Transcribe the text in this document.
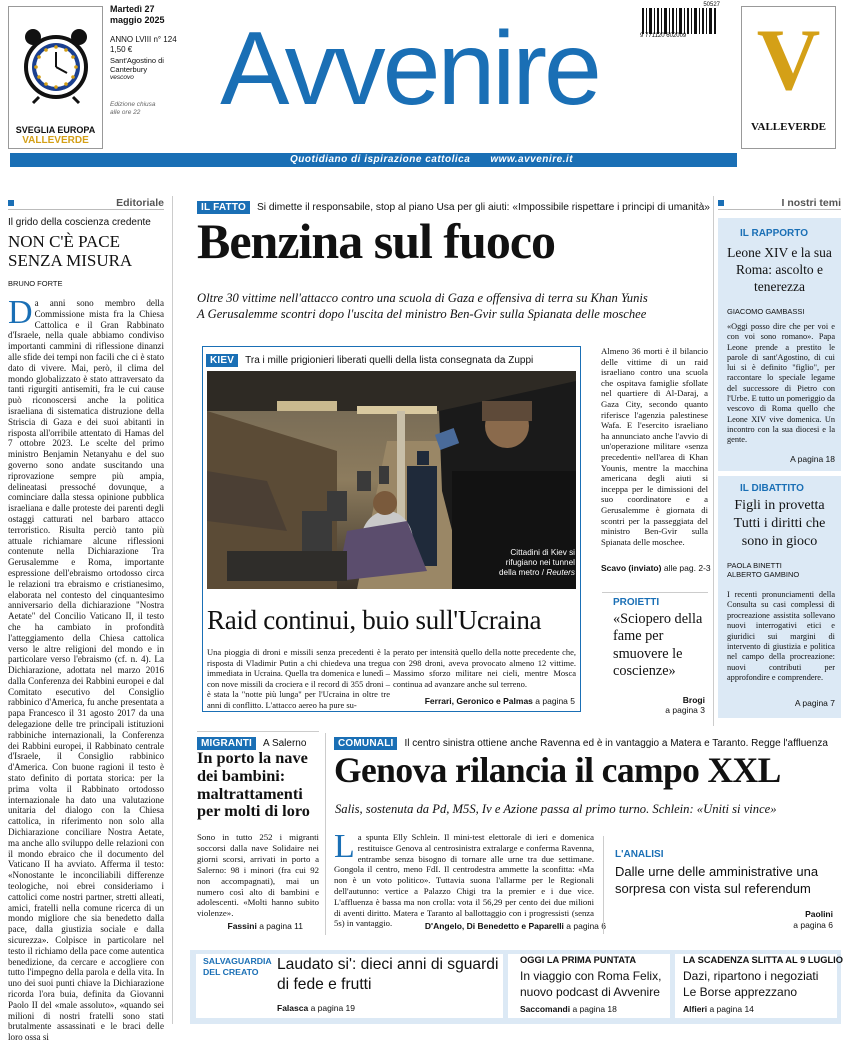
SVEGLIA EUROPA
VALLEVERDE
Martedì 27 maggio 2025
ANNO LVIII n° 124
1,50 €
Sant'Agostino di Canterbury
vescovo
Edizione chiusa alle ore 22 Avvenire
50527
9 771120 602009 V
VALLEVERDE
Quotidiano di ispirazione cattolica www.avvenire.it
Editoriale
Il grido della coscienza credente
NON C'È PACE
SENZA MISURA
BRUNO FORTE
Da anni sono membro della Commissione mista fra la Chiesa Cattolica e il Gran Rabbinato d'Israele, nella quale abbiamo condiviso importanti cammini di riflessione dinanzi alle sfide dei tempi non facili che ci è stato dato di vivere. Mai, però, il clima del mondo globalizzato è stato attraversato da tanti rigurgiti antisemiti, fra le cui cause può riconoscersi anche la politica israeliana di sistematica distruzione della Striscia di Gaza e dei suoi abitanti in risposta all'orribile attentato di Hamas del 7 ottobre 2023. Le scelte del primo ministro Benjamin Netanyahu e del suo governo sono andate suscitando una riprovazione sempre più ampia, delineatasi pressoché dovunque, a cominciare dalla stessa opinione pubblica israeliana e dalle proteste dei parenti degli ostaggi catturati nel barbaro attacco terroristico. Risulta perciò tanto più attuale richiamare alcune riflessioni contenute nella Dichiarazione Tra Gerusalemme e Roma, importante espressione dell'ebraismo ortodosso circa le relazioni tra ebraismo e cristianesimo, elaborata nel contesto del cinquantesimo anniversario della dichiarazione "Nostra Aetate" del Concilio Vaticano II, il testo che ha cambiato in profondità l'atteggiamento della Chiesa cattolica verso le altre religioni del mondo e in particolare verso l'ebraismo (cf. n. 4). La Dichiarazione, adottata nel marzo 2016 dalla Conferenza dei Rabbini europei e dal Comitato esecutivo del Consiglio rabbinico d'America, fu anche presentata a papa Francesco il 31 agosto 2017 da una delegazione delle tre principali istituzioni rabbiniche internazionali, la Conferenza dei Rabbini europei, il Rabbinato centrale d'Israele, il Consiglio rabbinico d'America. Con buone ragioni il testo è stato definito di portata storica: per la prima volta il Rabbinato ortodosso internazionale ha dato una valutazione unitaria del dialogo con la Chiesa cattolica, in riferimento non solo alla Dichiarazione conciliare Nostra Aetate, ma anche allo sviluppo delle relazioni con il mondo ebraico che il documento del Vaticano II ha avviato. Afferma il testo: «Nonostante le inconciliabili differenze teologiche, noi ebrei consideriamo i cattolici come nostri partner, stretti alleati, amici, fratelli nella comune ricerca di un mondo migliore che sia benedetto dalla pace, dalla giustizia sociale e dalla sicurezza». Colpisce in particolare nel testo il richiamo della pace come autentica benedizione, da cercare e accogliere con tutto l'impegno della parola e della vita. In uno dei suoi punti chiave la Dichiarazione ricorda l'ora buia, definita da Giovanni Paolo II del «male assoluto», «quando sei milioni di nostri fratelli sono stati brutalmente assassinati e le braci delle loro ossa si
IL FATTO Si dimette il responsabile, stop al piano Usa per gli aiuti: «Impossibile rispettare i principi di umanità»
Benzina sul fuoco
Oltre 30 vittime nell'attacco contro una scuola di Gaza e offensiva di terra su Khan Yunis
A Gerusalemme scontri dopo l'uscita del ministro Ben-Gvir sulla Spianata delle moschee
KIEV Tra i mille prigionieri liberati quelli della lista consegnata da Zuppi
Cittadini di Kiev si
rifugiano nei tunnel
della metro / Reuters
Raid continui, buio sull'Ucraina
Una pioggia di droni e missili senza precedenti è la risposta di Vladimir Putin a chi chiedeva una tregua immediata in Ucraina. Quella tra domenica e lunedì – con nove missili da crociera e il record di 355 droni – è stata la "notte più lunga" per l'Ucraina in oltre tre anni di conflitto. L'attacco aereo ha pure su-
perato per intensità quello della notte precedente che, con 298 droni, aveva provocato almeno 12 vittime. Massimo sforzo militare nei cieli, mentre Mosca continua ad avanzare anche sul terreno.
Ferrari, Geronico e Palmas a pagina 5
Almeno 36 morti è il bilancio delle vittime di un raid israeliano contro una scuola che ospitava famiglie sfollate nel quartiere di Al-Daraj, a Gaza City, secondo quanto riferisce l'agenzia palestinese Wafa. E l'esercito israeliano ha annunciato anche l'avvio di un'operazione militare «senza precedenti» nell'area di Khan Younis, mentre la macchina americana degli aiuti si inceppa per le dimissioni del suo coordinatore e a Gerusalemme è giornata di scontri per la passeggiata del ministro Ben-Gvir sulla Spianata delle moschee.
Scavo (inviato) alle pag. 2-3
PROIETTI
«Sciopero della fame per smuovere le coscienze»
Brogi
a pagina 3
I nostri temi
IL RAPPORTO
Leone XIV e la sua Roma: ascolto e tenerezza
GIACOMO GAMBASSI
«Oggi posso dire che per voi e con voi sono romano». Papa Leone prende a prestito le parole di sant'Agostino, di cui lui si è definito "figlio", per raccontare lo speciale legame del successore di Pietro con l'Urbe. E tutto un pomeriggio da vescovo di Roma quello che Leone XIV vive domenica. Un incontro con la sua diocesi e la gente.
A pagina 18
IL DIBATTITO
Figli in provetta Tutti i diritti che sono in gioco
PAOLA BINETTI
ALBERTO GAMBINO
I recenti pronunciamenti della Consulta su casi complessi di procreazione assistita sollevano nuovi interrogativi etici e giuridici sui margini di intervento di giustizia e politica nel campo della procreazione: nuovi contributi per approfondire e comprendere.
A pagina 7
MIGRANTI A Salerno
In porto la nave dei bambini: maltrattamenti per molti di loro
Sono in tutto 252 i migranti soccorsi dalla nave Solidaire nei giorni scorsi, arrivati in porto a Salerno: 98 i minori (fra cui 92 non accompagnati), mai un numero così alto di bambini e adolescenti. «Molti hanno subito violenze».
Fassini a pagina 11
COMUNALI Il centro sinistra ottiene anche Ravenna ed è in vantaggio a Matera e Taranto. Regge l'affluenza
Genova rilancia il campo XXL
Salis, sostenuta da Pd, M5S, Iv e Azione passa al primo turno. Schlein: «Uniti si vince»
La spunta Elly Schlein. Il mini-test elettorale di ieri e domenica restituisce Genova al centrosinistra extralarge e conferma Ravenna, entrambe senza bisogno di tornare alle urne tra due settimane. Gongola il centro, meno FdI. Il centrodestra ammette la sconfitta: «Ma non è un voto politico». Tuttavia suona l'allarme per le Regionali dell'autunno: vertice a Palazzo Chigi tra la premier e i due vice. L'affluenza è bassa ma non crolla: vota il 56,29 per cento dei due milioni di aventi diritto. Matera e Taranto al ballottaggio con i progressisti (senza 5s) in vantaggio.	D'Angelo, Di Benedetto e Paparelli a pagina 6
L'ANALISI
Dalle urne delle amministrative una sorpresa con vista sul referendum
Paolini
a pagina 6
SALVAGUARDIA DEL CREATO	Laudato si': dieci anni di sguardi di fede e frutti
Falasca a pagina 19
OGGI LA PRIMA PUNTATA
In viaggio con Roma Felix, nuovo podcast di Avvenire
Saccomandi a pagina 18
LA SCADENZA SLITTA AL 9 LUGLIO
Dazi, ripartono i negoziati Le Borse apprezzano
Alfieri a pagina 14
